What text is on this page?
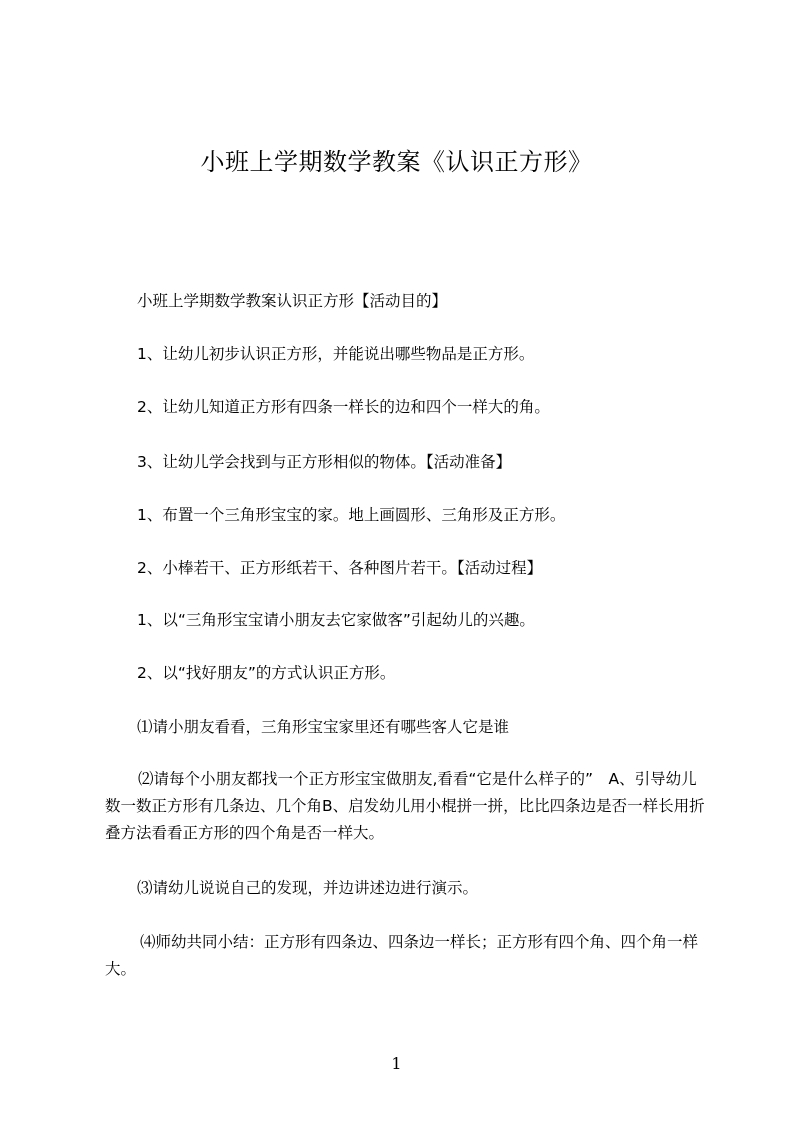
小班上学期数学教案《认识正方形》

小班上学期数学教案认识正方形【活动目的】

1、让幼儿初步认识正方形，并能说出哪些物品是正方形。

2、让幼儿知道正方形有四条一样长的边和四个一样大的角。

3、让幼儿学会找到与正方形相似的物体。【活动准备】

1、布置一个三角形宝宝的家。地上画圆形、三角形及正方形。

2、小棒若干、正方形纸若干、各种图片若干。【活动过程】

1、以“三角形宝宝请小朋友去它家做客”引起幼儿的兴趣。

2、以“找好朋友”的方式认识正方形。

⑴请小朋友看看，三角形宝宝家里还有哪些客人它是谁

⑵请每个小朋友都找一个正方形宝宝做朋友,看看“它是什么样子的”　A、引导幼儿数一数正方形有几条边、几个角B、启发幼儿用小棍拼一拼，比比四条边是否一样长用折叠方法看看正方形的四个角是否一样大。

⑶请幼儿说说自己的发现，并边讲述边进行演示。

⑷师幼共同小结：正方形有四条边、四条边一样长；正方形有四个角、四个角一样大。

1
